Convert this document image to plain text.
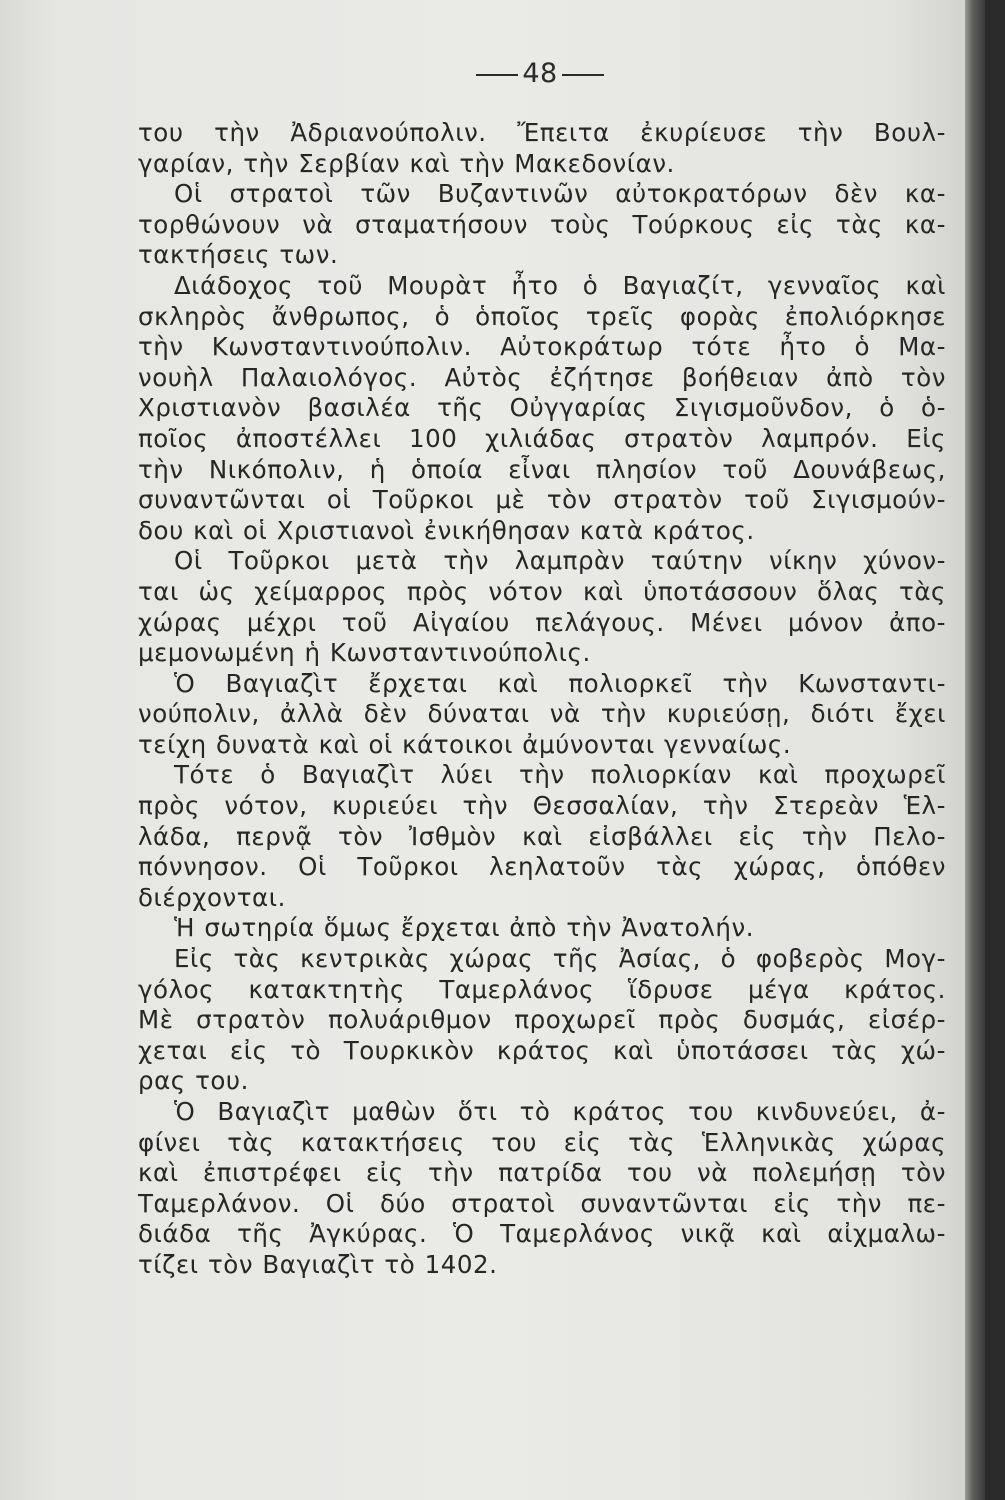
48
του τὴν Ἀδριανούπολιν. Ἔπειτα ἐκυρίευσε τὴν Βουλ-
γαρίαν, τὴν Σερβίαν καὶ τὴν Μακεδονίαν.
Οἱ στρατοὶ τῶν Βυζαντινῶν αὐτοκρατόρων δὲν κα-
τορθώνουν νὰ σταματήσουν τοὺς Τούρκους εἰς τὰς κα-
τακτήσεις των.
Διάδοχος τοῦ Μουρὰτ ἦτο ὁ Βαγιαζίτ, γενναῖος καὶ
σκληρὸς ἄνθρωπος, ὁ ὁποῖος τρεῖς φορὰς ἐπολιόρκησε
τὴν Κωνσταντινούπολιν. Αὐτοκράτωρ τότε ἦτο ὁ Μα-
νουὴλ Παλαιολόγος. Αὐτὸς ἐζήτησε βοήθειαν ἀπὸ τὸν
Χριστιανὸν βασιλέα τῆς Οὐγγαρίας Σιγισμοῦνδον, ὁ ὁ-
ποῖος ἀποστέλλει 100 χιλιάδας στρατὸν λαμπρόν. Εἰς
τὴν Νικόπολιν, ἡ ὁποία εἶναι πλησίον τοῦ Δουνάβεως,
συναντῶνται οἱ Τοῦρκοι μὲ τὸν στρατὸν τοῦ Σιγισμούν-
δου καὶ οἱ Χριστιανοὶ ἐνικήθησαν κατὰ κράτος.
Οἱ Τοῦρκοι μετὰ τὴν λαμπρὰν ταύτην νίκην χύνον-
ται ὡς χείμαρρος πρὸς νότον καὶ ὑποτάσσουν ὅλας τὰς
χώρας μέχρι τοῦ Αἰγαίου πελάγους. Μένει μόνον ἀπο-
μεμονωμένη ἡ Κωνσταντινούπολις.
Ὁ Βαγιαζὶτ ἔρχεται καὶ πολιορκεῖ τὴν Κωνσταντι-
νούπολιν, ἀλλὰ δὲν δύναται νὰ τὴν κυριεύσῃ, διότι ἔχει
τείχη δυνατὰ καὶ οἱ κάτοικοι ἀμύνονται γενναίως.
Τότε ὁ Βαγιαζὶτ λύει τὴν πολιορκίαν καὶ προχωρεῖ
πρὸς νότον, κυριεύει τὴν Θεσσαλίαν, τὴν Στερεὰν Ἑλ-
λάδα, περνᾷ τὸν Ἰσθμὸν καὶ εἰσβάλλει εἰς τὴν Πελο-
πόννησον. Οἱ Τοῦρκοι λεηλατοῦν τὰς χώρας, ὁπόθεν
διέρχονται.
Ἡ σωτηρία ὅμως ἔρχεται ἀπὸ τὴν Ἀνατολήν.
Εἰς τὰς κεντρικὰς χώρας τῆς Ἀσίας, ὁ φοβερὸς Μογ-
γόλος κατακτητὴς Ταμερλάνος ἵδρυσε μέγα κράτος.
Μὲ στρατὸν πολυάριθμον προχωρεῖ πρὸς δυσμάς, εἰσέρ-
χεται εἰς τὸ Τουρκικὸν κράτος καὶ ὑποτάσσει τὰς χώ-
ρας του.
Ὁ Βαγιαζὶτ μαθὼν ὅτι τὸ κράτος του κινδυνεύει, ἀ-
φίνει τὰς κατακτήσεις του εἰς τὰς Ἑλληνικὰς χώρας
καὶ ἐπιστρέφει εἰς τὴν πατρίδα του νὰ πολεμήσῃ τὸν
Ταμερλάνον. Οἱ δύο στρατοὶ συναντῶνται εἰς τὴν πε-
διάδα τῆς Ἀγκύρας. Ὁ Ταμερλάνος νικᾷ καὶ αἰχμαλω-
τίζει τὸν Βαγιαζὶτ τὸ 1402.
